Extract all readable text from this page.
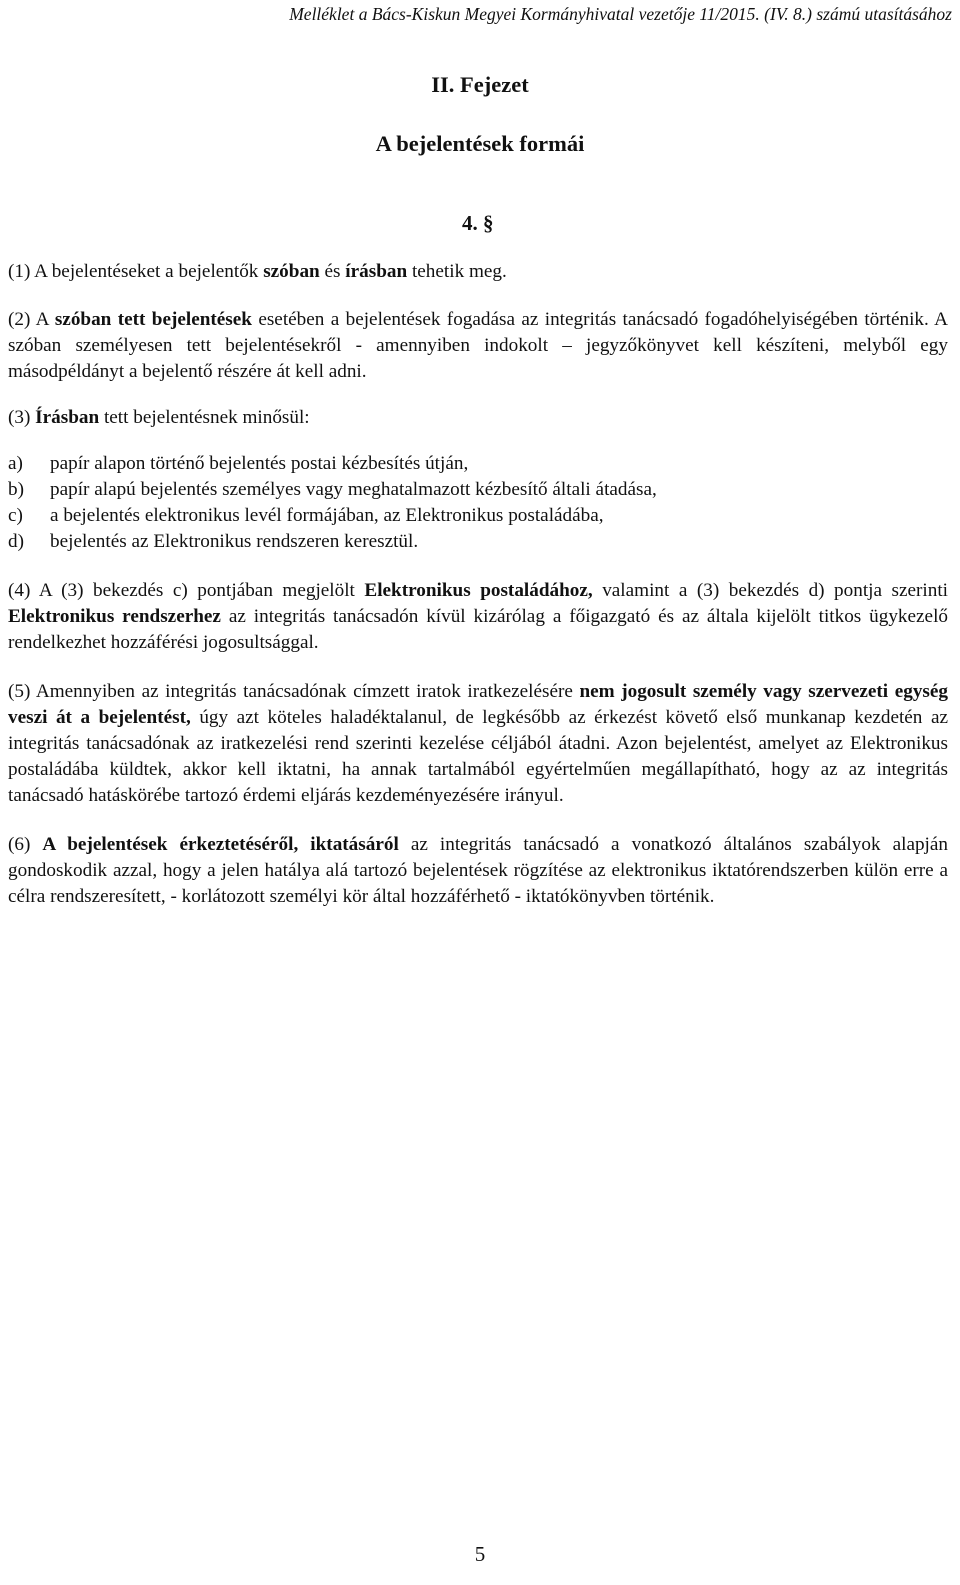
Melléklet a Bács-Kiskun Megyei Kormányhivatal vezetője 11/2015. (IV. 8.) számú utasításához
II. Fejezet
A bejelentések formái
4. §

(1) A bejelentéseket a bejelentők szóban és írásban tehetik meg.

(2) A szóban tett bejelentések esetében a bejelentések fogadása az integritás tanácsadó fogadóhelyiségében történik. A szóban személyesen tett bejelentésekről - amennyiben indokolt – jegyzőkönyvet kell készíteni, melyből egy másodpéldányt a bejelentő részére át kell adni.

(3) Írásban tett bejelentésnek minősül:

a)	papír alapon történő bejelentés postai kézbesítés útján,
b)	papír alapú bejelentés személyes vagy meghatalmazott kézbesítő általi átadása,
c)	a bejelentés elektronikus levél formájában, az Elektronikus postaládába,
d)	bejelentés az Elektronikus rendszeren keresztül.

(4) A (3) bekezdés c) pontjában megjelölt Elektronikus postaládához, valamint a (3) bekezdés d) pontja szerinti Elektronikus rendszerhez az integritás tanácsadón kívül kizárólag a főigazgató és az általa kijelölt titkos ügykezelő rendelkezhet hozzáférési jogosultsággal.

(5) Amennyiben az integritás tanácsadónak címzett iratok iratkezelésére nem jogosult személy vagy szervezeti egység veszi át a bejelentést, úgy azt köteles haladéktalanul, de legkésőbb az érkezést követő első munkanap kezdetén az integritás tanácsadónak az iratkezelési rend szerinti kezelése céljából átadni. Azon bejelentést, amelyet az Elektronikus postaládába küldtek, akkor kell iktatni, ha annak tartalmából egyértelműen megállapítható, hogy az az integritás tanácsadó hatáskörébe tartozó érdemi eljárás kezdeményezésére irányul.

(6) A bejelentések érkeztetéséről, iktatásáról az integritás tanácsadó a vonatkozó általános szabályok alapján gondoskodik azzal, hogy a jelen hatálya alá tartozó bejelentések rögzítése az elektronikus iktatórendszerben külön erre a célra rendszeresített, - korlátozott személyi kör által hozzáférhető - iktatókönyvben történik.

5
